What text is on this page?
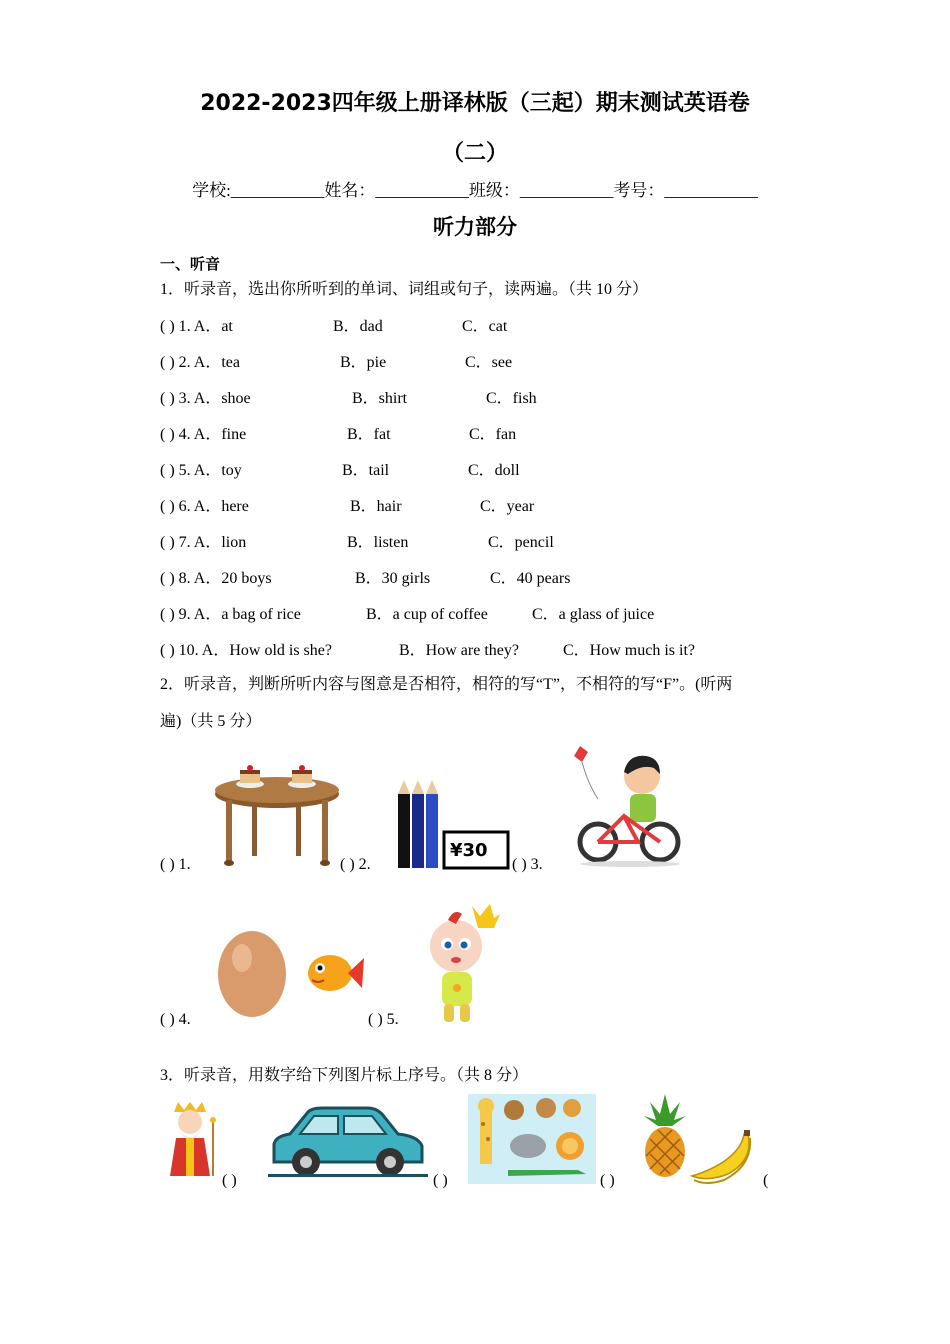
2022-2023四年级上册译林版（三起）期末测试英语卷
（二）
学校:___________姓名：___________班级：___________考号：___________
听力部分
一、听音
1．听录音，选出你所听到的单词、词组或句子，读两遍。（共 10 分）
( ) 1. A．at	B．dad	C．cat
( ) 2. A．tea	B．pie	C．see
( ) 3. A．shoe	B．shirt	C．fish
( ) 4. A．fine	B．fat	C．fan
( ) 5. A．toy	B．tail	C．doll
( ) 6. A．here	B．hair	C．year
( ) 7. A．lion	B．listen	C．pencil
( ) 8. A．20 boys	B．30 girls	C．40 pears
( ) 9. A．a bag of rice	B．a cup of coffee	C．a glass of juice
( ) 10. A．How old is she?	B．How are they?	C．How much is it?
2．听录音，判断所听内容与图意是否相符，相符的写“T”，不相符的写“F”。(听两
遍)（共 5 分）
¥30
( ) 1.	( ) 2.	( ) 3.
( ) 4.	( ) 5.
3．听录音，用数字给下列图片标上序号。（共 8 分）
( )	( )	( )	(
